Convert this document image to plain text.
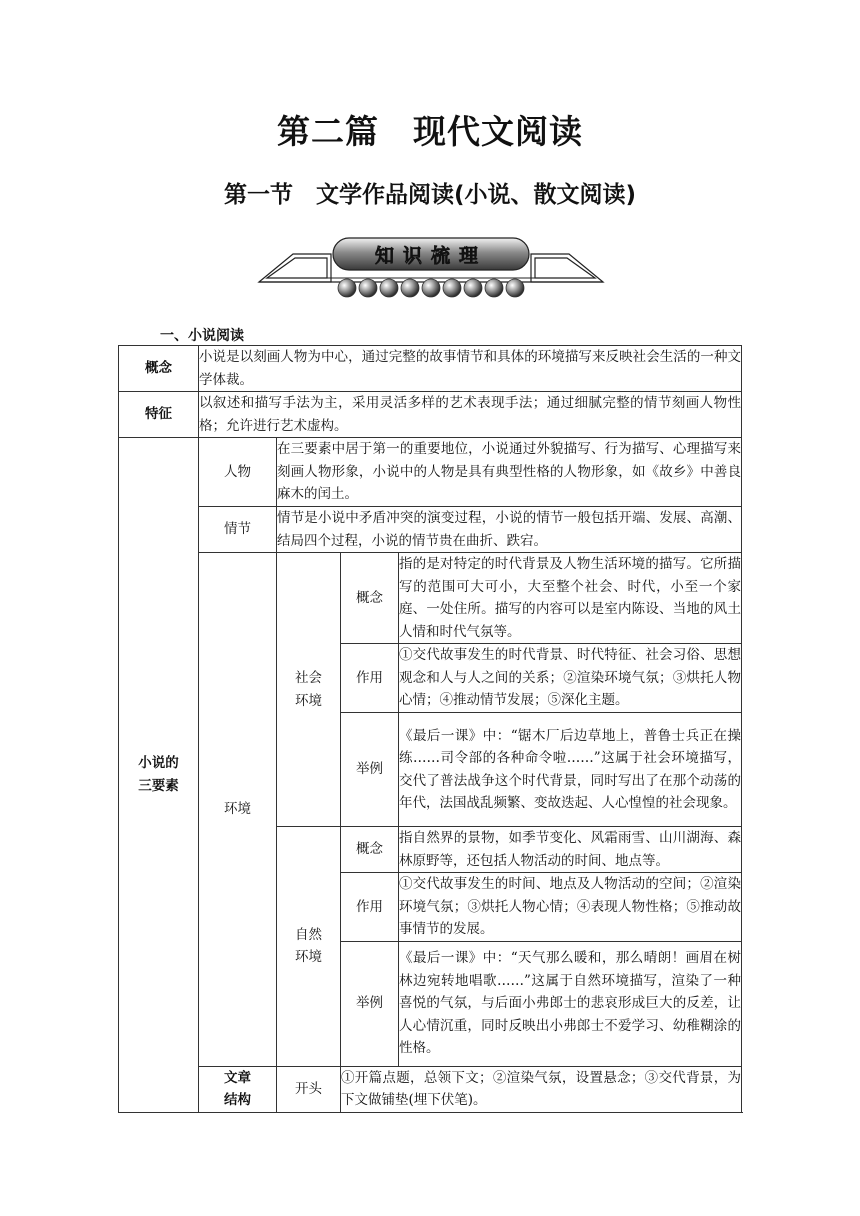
第二篇　现代文阅读
第一节　文学作品阅读(小说、散文阅读)
知识梳理

一、小说阅读

概念	小说是以刻画人物为中心，通过完整的故事情节和具体的环境描写来反映社会生活的一种文学体裁。			
特征	以叙述和描写手法为主，采用灵活多样的艺术表现手法；通过细腻完整的情节刻画人物性格；允许进行艺术虚构。			
小说的三要素	人物	在三要素中居于第一的重要地位，小说通过外貌描写、行为描写、心理描写来刻画人物形象，小说中的人物是具有典型性格的人物形象，如《故乡》中善良麻木的闰土。		
	情节	情节是小说中矛盾冲突的演变过程，小说的情节一般包括开端、发展、高潮、结局四个过程，小说的情节贵在曲折、跌宕。		
	环境	社会环境	概念	指的是对特定的时代背景及人物生活环境的描写。它所描写的范围可大可小，大至整个社会、时代，小至一个家庭、一处住所。描写的内容可以是室内陈设、当地的风土人情和时代气氛等。
			作用	①交代故事发生的时代背景、时代特征、社会习俗、思想观念和人与人之间的关系；②渲染环境气氛；③烘托人物心情；④推动情节发展；⑤深化主题。
			举例	《最后一课》中：“锯木厂后边草地上，普鲁士兵正在操练……司令部的各种命令啦……”这属于社会环境描写，交代了普法战争这个时代背景，同时写出了在那个动荡的年代，法国战乱频繁、变故迭起、人心惶惶的社会现象。
		自然环境	概念	指自然界的景物，如季节变化、风霜雨雪、山川湖海、森林原野等，还包括人物活动的时间、地点等。
			作用	①交代故事发生的时间、地点及人物活动的空间；②渲染环境气氛；③烘托人物心情；④表现人物性格；⑤推动故事情节的发展。
			举例	《最后一课》中：“天气那么暖和，那么晴朗！画眉在树林边宛转地唱歌……”这属于自然环境描写，渲染了一种喜悦的气氛，与后面小弗郎士的悲哀形成巨大的反差，让人心情沉重，同时反映出小弗郎士不爱学习、幼稚糊涂的性格。
	文章结构	开头	①开篇点题，总领下文；②渲染气氛，设置悬念；③交代背景，为下文做铺垫(埋下伏笔)。	
